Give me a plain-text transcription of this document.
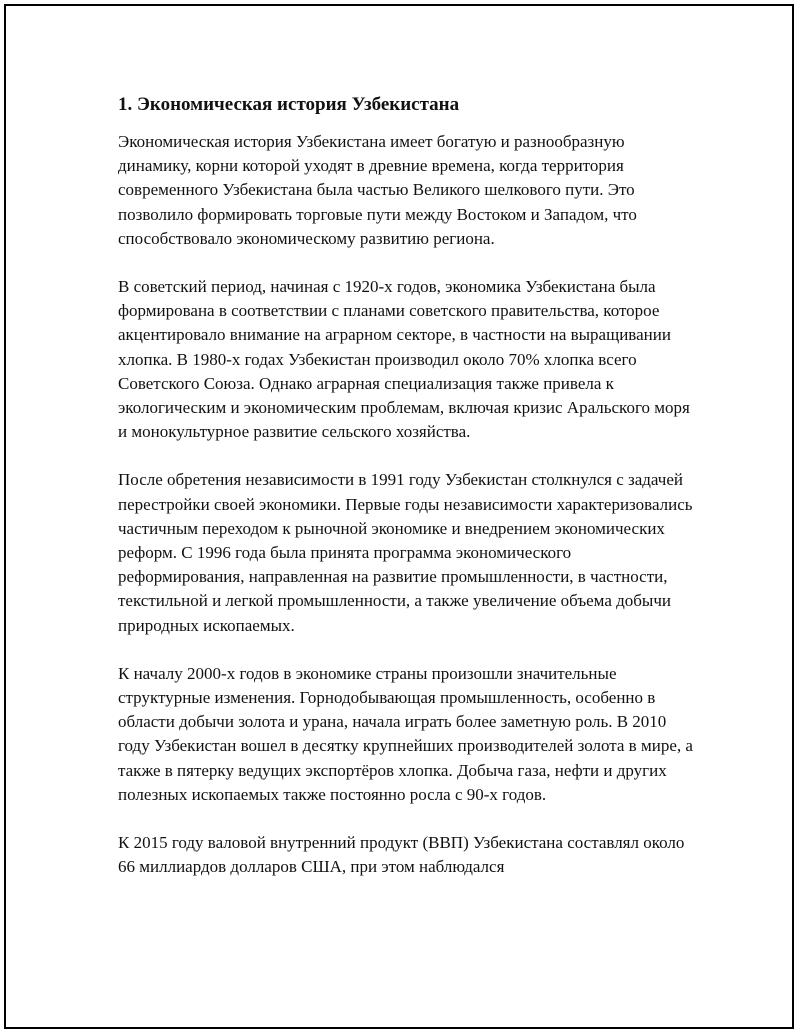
1. Экономическая история Узбекистана

Экономическая история Узбекистана имеет богатую и разнообразную динамику, корни которой уходят в древние времена, когда территория современного Узбекистана была частью Великого шелкового пути. Это позволило формировать торговые пути между Востоком и Западом, что способствовало экономическому развитию региона.

В советский период, начиная с 1920-х годов, экономика Узбекистана была формирована в соответствии с планами советского правительства, которое акцентировало внимание на аграрном секторе, в частности на выращивании хлопка. В 1980-х годах Узбекистан производил около 70% хлопка всего Советского Союза. Однако аграрная специализация также привела к экологическим и экономическим проблемам, включая кризис Аральского моря и монокультурное развитие сельского хозяйства.

После обретения независимости в 1991 году Узбекистан столкнулся с задачей перестройки своей экономики. Первые годы независимости характеризовались частичным переходом к рыночной экономике и внедрением экономических реформ. С 1996 года была принята программа экономического реформирования, направленная на развитие промышленности, в частности, текстильной и легкой промышленности, а также увеличение объема добычи природных ископаемых.

К началу 2000-х годов в экономике страны произошли значительные структурные изменения. Горнодобывающая промышленность, особенно в области добычи золота и урана, начала играть более заметную роль. В 2010 году Узбекистан вошел в десятку крупнейших производителей золота в мире, а также в пятерку ведущих экспортёров хлопка. Добыча газа, нефти и других полезных ископаемых также постоянно росла с 90-х годов.

К 2015 году валовой внутренний продукт (ВВП) Узбекистана составлял около 66 миллиардов долларов США, при этом наблюдался
